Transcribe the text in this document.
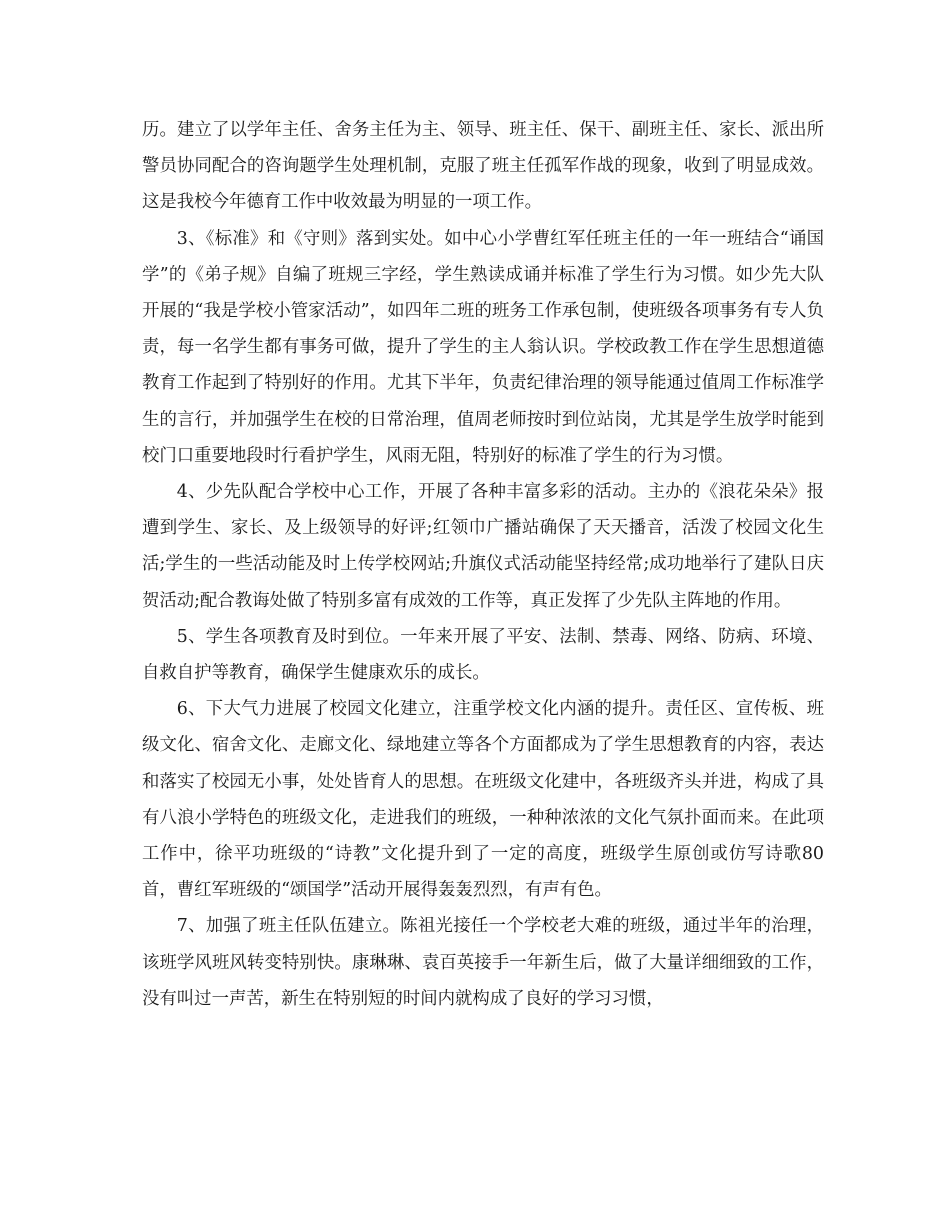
历。建立了以学年主任、舍务主任为主、领导、班主任、保干、副班主任、家长、派出所警员协同配合的咨询题学生处理机制，克服了班主任孤军作战的现象，收到了明显成效。这是我校今年德育工作中收效最为明显的一项工作。

3、《标准》和《守则》落到实处。如中心小学曹红军任班主任的一年一班结合“诵国学”的《弟子规》自编了班规三字经，学生熟读成诵并标准了学生行为习惯。如少先大队开展的“我是学校小管家活动”，如四年二班的班务工作承包制，使班级各项事务有专人负责，每一名学生都有事务可做，提升了学生的主人翁认识。学校政教工作在学生思想道德教育工作起到了特别好的作用。尤其下半年，负责纪律治理的领导能通过值周工作标准学生的言行，并加强学生在校的日常治理，值周老师按时到位站岗，尤其是学生放学时能到校门口重要地段时行看护学生，风雨无阻，特别好的标准了学生的行为习惯。

4、少先队配合学校中心工作，开展了各种丰富多彩的活动。主办的《浪花朵朵》报遭到学生、家长、及上级领导的好评;红领巾广播站确保了天天播音，活泼了校园文化生活;学生的一些活动能及时上传学校网站;升旗仪式活动能坚持经常;成功地举行了建队日庆贺活动;配合教诲处做了特别多富有成效的工作等，真正发挥了少先队主阵地的作用。

5、学生各项教育及时到位。一年来开展了平安、法制、禁毒、网络、防病、环境、自救自护等教育，确保学生健康欢乐的成长。

6、下大气力进展了校园文化建立，注重学校文化内涵的提升。责任区、宣传板、班级文化、宿舍文化、走廊文化、绿地建立等各个方面都成为了学生思想教育的内容，表达和落实了校园无小事，处处皆育人的思想。在班级文化建中，各班级齐头并进，构成了具有八浪小学特色的班级文化，走进我们的班级，一种种浓浓的文化气氛扑面而来。在此项工作中，徐平功班级的“诗教”文化提升到了一定的高度，班级学生原创或仿写诗歌80首，曹红军班级的“颂国学”活动开展得轰轰烈烈，有声有色。

7、加强了班主任队伍建立。陈祖光接任一个学校老大难的班级，通过半年的治理，该班学风班风转变特别快。康琳琳、袁百英接手一年新生后，做了大量详细细致的工作，没有叫过一声苦，新生在特别短的时间内就构成了良好的学习习惯，
